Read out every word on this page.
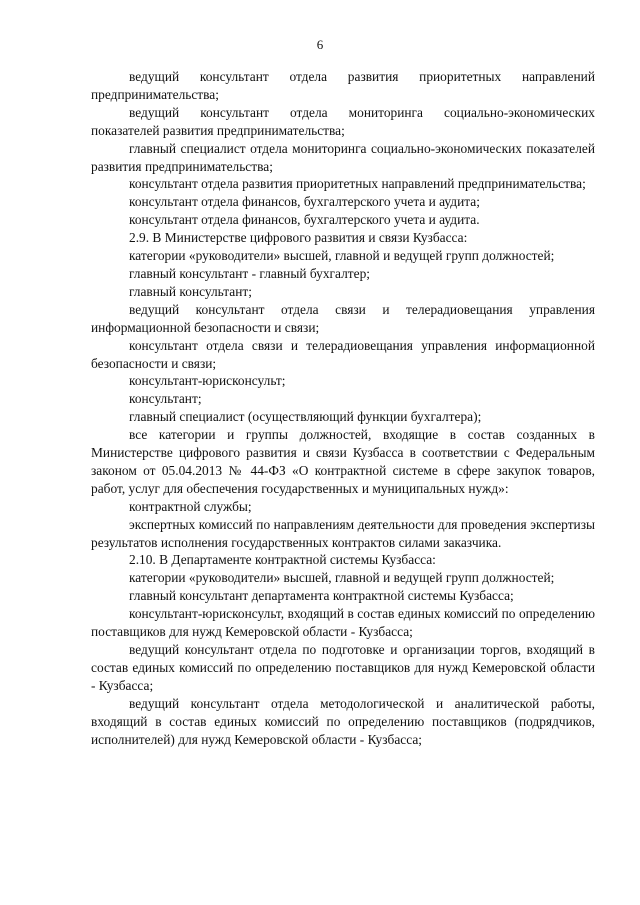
6

ведущий консультант отдела развития приоритетных направлений предпринимательства;

ведущий консультант отдела мониторинга социально-экономических показателей развития предпринимательства;

главный специалист отдела мониторинга социально-экономических показателей развития предпринимательства;

консультант отдела развития приоритетных направлений предпринимательства;

консультант отдела финансов, бухгалтерского учета и аудита;

консультант отдела финансов, бухгалтерского учета и аудита.

2.9. В Министерстве цифрового развития и связи Кузбасса:

категории «руководители» высшей, главной и ведущей групп должностей;

главный консультант - главный бухгалтер;

главный консультант;

ведущий консультант отдела связи и телерадиовещания управления информационной безопасности и связи;

консультант отдела связи и телерадиовещания управления информационной безопасности и связи;

консультант-юрисконсульт;

консультант;

главный специалист (осуществляющий функции бухгалтера);

все категории и группы должностей, входящие в состав созданных в Министерстве цифрового развития и связи Кузбасса в соответствии с Федеральным законом от 05.04.2013 № 44-ФЗ «О контрактной системе в сфере закупок товаров, работ, услуг для обеспечения государственных и муниципальных нужд»:

контрактной службы;

экспертных комиссий по направлениям деятельности для проведения экспертизы результатов исполнения государственных контрактов силами заказчика.

2.10. В Департаменте контрактной системы Кузбасса:

категории «руководители» высшей, главной и ведущей групп должностей;

главный консультант департамента контрактной системы Кузбасса;

консультант-юрисконсульт, входящий в состав единых комиссий по определению поставщиков для нужд Кемеровской области - Кузбасса;

ведущий консультант отдела по подготовке и организации торгов, входящий в состав единых комиссий по определению поставщиков для нужд Кемеровской области - Кузбасса;

ведущий консультант отдела методологической и аналитической работы, входящий в состав единых комиссий по определению поставщиков (подрядчиков, исполнителей) для нужд Кемеровской области - Кузбасса;
